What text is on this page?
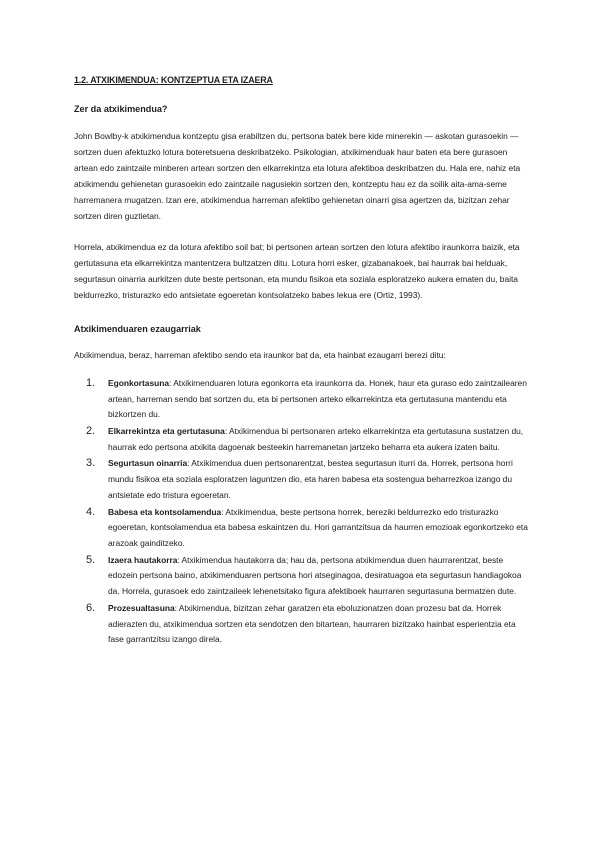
1.2. ATXIKIMENDUA: KONTZEPTUA ETA IZAERA
Zer da atxikimendua?

John Bowlby-k atxikimendua kontzeptu gisa erabiltzen du, pertsona batek bere kide minerekin — askotan gurasoekin — sortzen duen afektuzko lotura boteretsuena deskribatzeko. Psikologian, atxikimenduak haur baten eta bere gurasoen artean edo zaintzaile minberen artean sortzen den elkarrekintza eta lotura afektiboa deskribatzen du. Hala ere, nahiz eta atxikimendu gehienetan gurasoekin edo zaintzaile nagusiekin sortzen den, kontzeptu hau ez da soilik aita-ama-seme harremanera mugatzen. Izan ere, atxikimendua harreman afektibo gehienetan oinarri gisa agertzen da, bizitzan zehar sortzen diren guztietan.

Horrela, atxikimendua ez da lotura afektibo soil bat; bi pertsonen artean sortzen den lotura afektibo iraunkorra baizik, eta gertutasuna eta elkarrekintza mantentzera bultzatzen ditu. Lotura horri esker, gizabanakoek, bai haurrak bai helduak, segurtasun oinarria aurkitzen dute beste pertsonan, eta mundu fisikoa eta soziala esploratzeko aukera ematen du, baita beldurrezko, tristurazko edo antsietate egoeretan kontsolatzeko babes lekua ere (Ortiz, 1993).

Atxikimenduaren ezaugarriak

Atxikimendua, beraz, harreman afektibo sendo eta iraunkor bat da, eta hainbat ezaugarri berezi ditu:

1. Egonkortasuna: Atxikimenduaren lotura egonkorra eta iraunkorra da. Honek, haur eta guraso edo zaintzailearen artean, harreman sendo bat sortzen du, eta bi pertsonen arteko elkarrekintza eta gertutasuna mantendu eta bizkortzen du.
2. Elkarrekintza eta gertutasuna: Atxikimendua bi pertsonaren arteko elkarrekintza eta gertutasuna sustatzen du, haurrak edo pertsona atxikita dagoenak besteekin harremanetan jartzeko beharra eta aukera izaten baitu.
3. Segurtasun oinarria: Atxikimendua duen pertsonarentzat, bestea segurtasun iturri da. Horrek, pertsona horri mundu fisikoa eta soziala esploratzen laguntzen dio, eta haren babesa eta sostengua beharrezkoa izango du antsietate edo tristura egoeretan.
4. Babesa eta kontsolamendua: Atxikimendua, beste pertsona horrek, bereziki beldurrezko edo tristurazko egoeretan, kontsolamendua eta babesa eskaintzen du. Hori garrantzitsua da haurren emozioak egonkortzeko eta arazoak gainditzeko.
5. Izaera hautakorra: Atxikimendua hautakorra da; hau da, pertsona atxikimendua duen haurrarentzat, beste edozein pertsona baino, atxikimenduaren pertsona hori atseginagoa, desiratuagoa eta segurtasun handiagokoa da. Horrela, gurasoek edo zaintzaileek lehenetsitako figura afektiboek haurraren segurtasuna bermatzen dute.
6. Prozesualtasuna: Atxikimendua, bizitzan zehar garatzen eta eboluzionatzen doan prozesu bat da. Horrek adierazten du, atxikimendua sortzen eta sendotzen den bitartean, haurraren bizitzako hainbat esperientzia eta fase garrantzitsu izango direla.
